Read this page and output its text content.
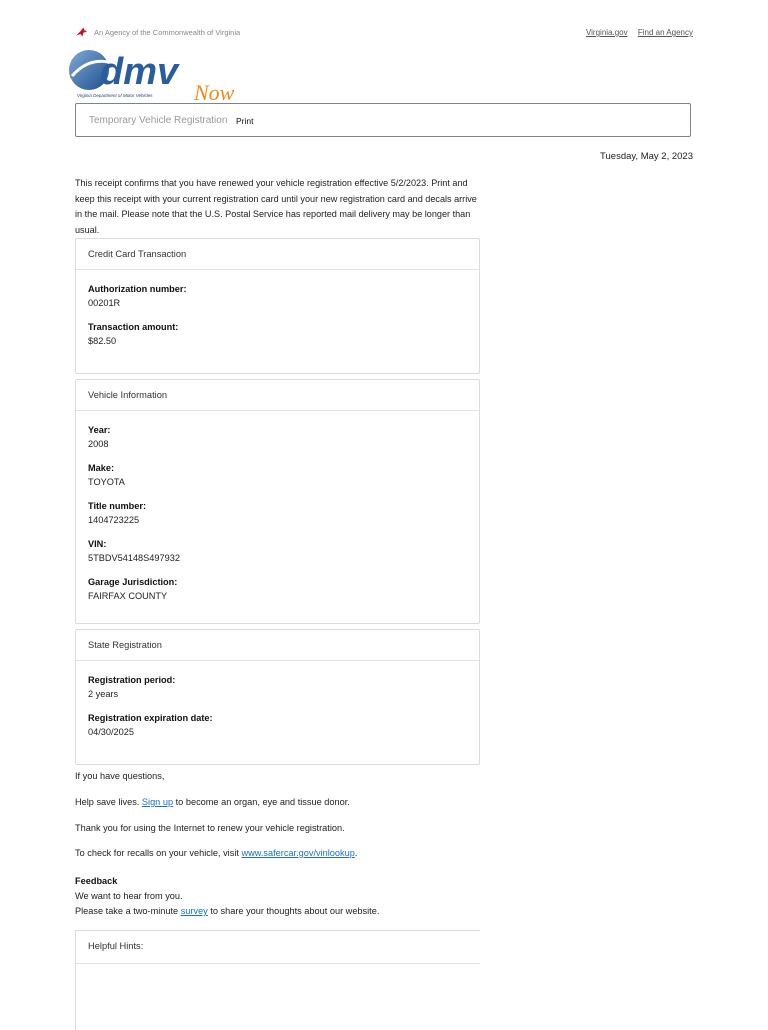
An Agency of the Commonwealth of Virginia	Virginia.gov Find an Agency
dmv Now
Virginia Department of Motor Vehicles
Temporary Vehicle Registration Print
Tuesday, May 2, 2023
This receipt confirms that you have renewed your vehicle registration effective 5/2/2023. Print and keep this receipt with your current registration card until your new registration card and decals arrive in the mail. Please note that the U.S. Postal Service has reported mail delivery may be longer than usual.
Credit Card Transaction
Authorization number:
00201R
Transaction amount:
$82.50
Vehicle Information
Year:
2008
Make:
TOYOTA
Title number:
1404723225
VIN:
5TBDV54148S497932
Garage Jurisdiction:
FAIRFAX COUNTY
State Registration
Registration period:
2 years
Registration expiration date:
04/30/2025
If you have questions,
Help save lives. Sign up to become an organ, eye and tissue donor.
Thank you for using the Internet to renew your vehicle registration.
To check for recalls on your vehicle, visit www.safercar.gov/vinlookup.
Feedback
We want to hear from you.
Please take a two-minute survey to share your thoughts about our website.
Helpful Hints:
